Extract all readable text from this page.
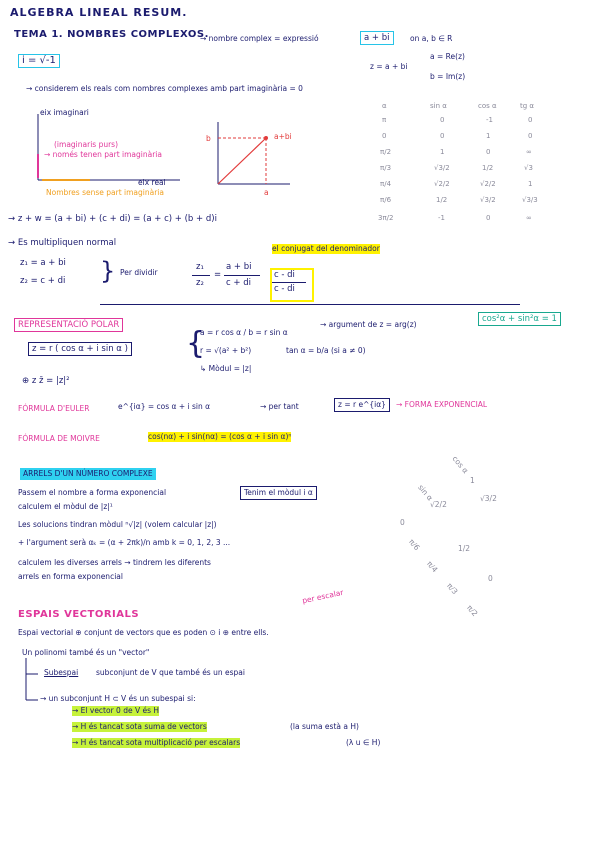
ALGEBRA LINEAL RESUM.
TEMA 1. NOMBRES COMPLEXOS.
→ nombre complex = expressió	a + bi	on a, b ∈ R
i = √-1
z = a + bi
a = Re(z)
b = Im(z)
→ considerem els reals com nombres complexes amb part imaginària = 0
eix imaginari
(imaginaris purs)
→ només tenen part imaginària
eix real
Nombres sense part imaginària
a+bi
b
a
α	sin α	cos α	tg α
π	0	-1	0
0	0	1	0
π/2	1	0	∞
π/3	√3/2	1/2	√3
π/4	√2/2	√2/2	1
π/6	1/2	√3/2	√3/3
3π/2	-1	0	∞
→ z + w = (a + bi) + (c + di) = (a + c) + (b + d)i
→ Es multipliquen normal
el conjugat del denominador
z₁ = a + bi
z₂ = c + di } Per dividir
z₁
z₂
=
a + bi
c + di
c - di
c - di
REPRESENTACIÓ POLAR
cos²α + sin²α = 1
z = r ( cos α + i sin α ) {
a = r cos α / b = r sin α
→ argument de z = arg(z)
r = √(a² + b²)	tan α = b/a (si a ≠ 0)
↳ Mòdul = |z|
⊕ z z̄ = |z|²
FÓRMULA D'EULER	e^{iα} = cos α + i sin α	→ per tant	z = r e^{iα}	→ FORMA EXPONENCIAL
FÓRMULA DE MOIVRE	cos(nα) + i sin(nα) = (cos α + i sin α)ⁿ
ARRELS D'UN NÚMERO COMPLEXE
Passem el nombre a forma exponencial	Tenim el mòdul i α
calculem el mòdul de |z|¹
Les solucions tindran mòdul ⁿ√|z| (volem calcular |z|)
+ l'argument serà αₖ = (α + 2πk)/n amb k = 0, 1, 2, 3 ...
calculem les diverses arrels → tindrem les diferents
arrels en forma exponencial
cos α
sin α
0
π/6
π/4
π/3
π/2
1
√3/2
√2/2
1/2
0
ESPAIS VECTORIALS
per escalar
Espai vectorial ⊕ conjunt de vectors que es poden ⊙ i ⊕ entre ells.
Un polinomi també és un "vector"
Subespai subconjunt de V que també és un espai
→ un subconjunt H ⊂ V és un subespai si:
→ El vector 0 de V és H
→ H és tancat sota suma de vectors	(la suma està a H)
→ H és tancat sota multiplicació per escalars	(λ u ∈ H)
